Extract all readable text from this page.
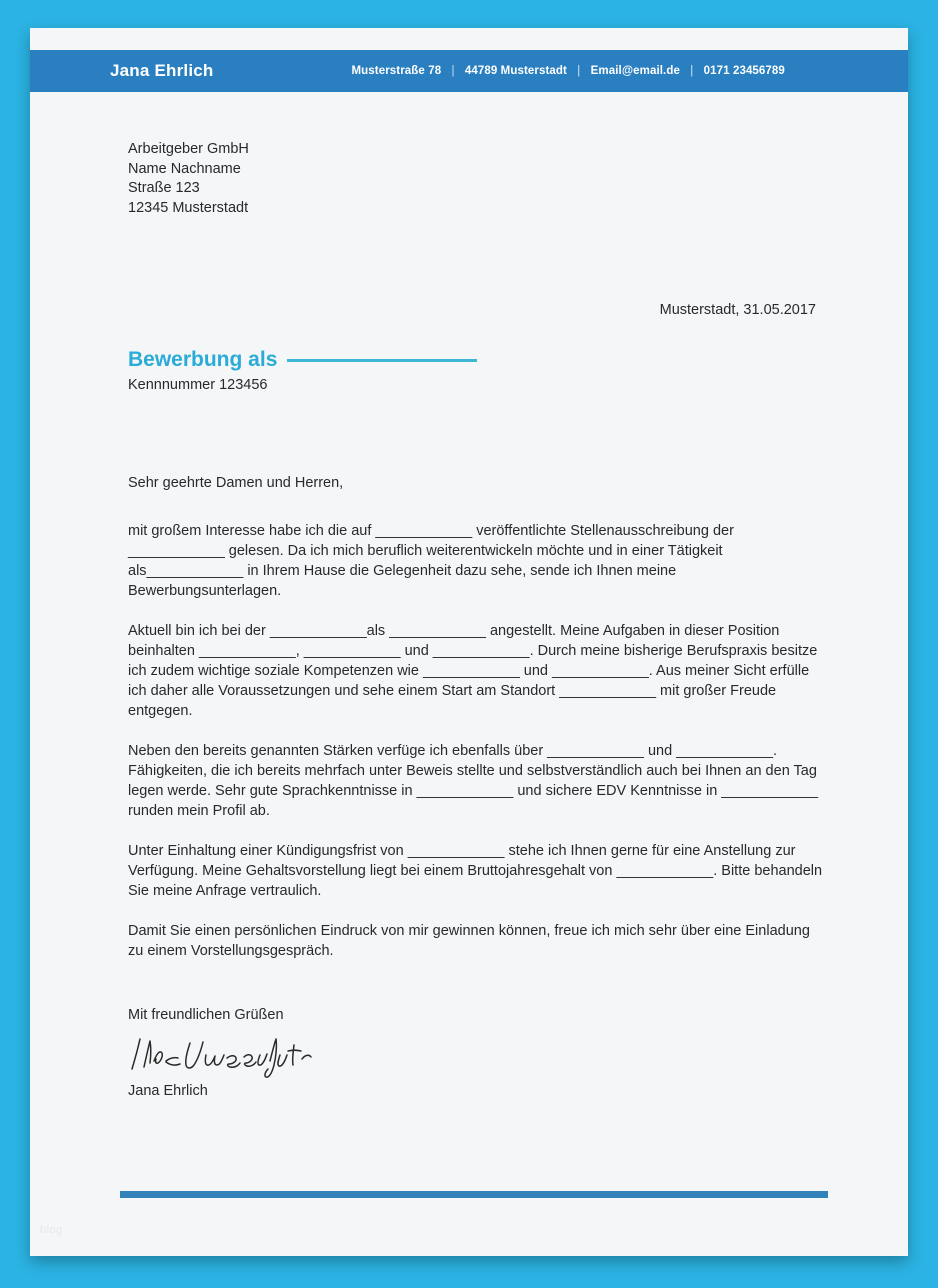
Jana Ehrlich	Musterstraße 78 | 44789 Musterstadt | Email@email.de | 0171 23456789
Arbeitgeber GmbH
Name Nachname
Straße 123
12345 Musterstadt
Musterstadt, 31.05.2017
Bewerbung als
Kennnummer 123456
Sehr geehrte Damen und Herren,
mit großem Interesse habe ich die auf ____________ veröffentlichte Stellenausschreibung der ____________ gelesen. Da ich mich beruflich weiterentwickeln möchte und in einer Tätigkeit als____________ in Ihrem Hause die Gelegenheit dazu sehe, sende ich Ihnen meine Bewerbungsunterlagen.
Aktuell bin ich bei der ____________als ____________ angestellt. Meine Aufgaben in dieser Position beinhalten ____________, ____________ und ____________. Durch meine bisherige Berufspraxis besitze ich zudem wichtige soziale Kompetenzen wie ____________ und ____________. Aus meiner Sicht erfülle ich daher alle Voraussetzungen und sehe einem Start am Standort ____________ mit großer Freude entgegen.
Neben den bereits genannten Stärken verfüge ich ebenfalls über ____________ und ____________. Fähigkeiten, die ich bereits mehrfach unter Beweis stellte und selbstverständlich auch bei Ihnen an den Tag legen werde. Sehr gute Sprachkenntnisse in ____________ und sichere EDV Kenntnisse in ____________ runden mein Profil ab.
Unter Einhaltung einer Kündigungsfrist von ____________ stehe ich Ihnen gerne für eine Anstellung zur Verfügung. Meine Gehaltsvorstellung liegt bei einem Bruttojahresgehalt von ____________. Bitte behandeln Sie meine Anfrage vertraulich.
Damit Sie einen persönlichen Eindruck von mir gewinnen können, freue ich mich sehr über eine Einladung zu einem Vorstellungsgespräch.
Mit freundlichen Grüßen
Jana Ehrlich
blog
